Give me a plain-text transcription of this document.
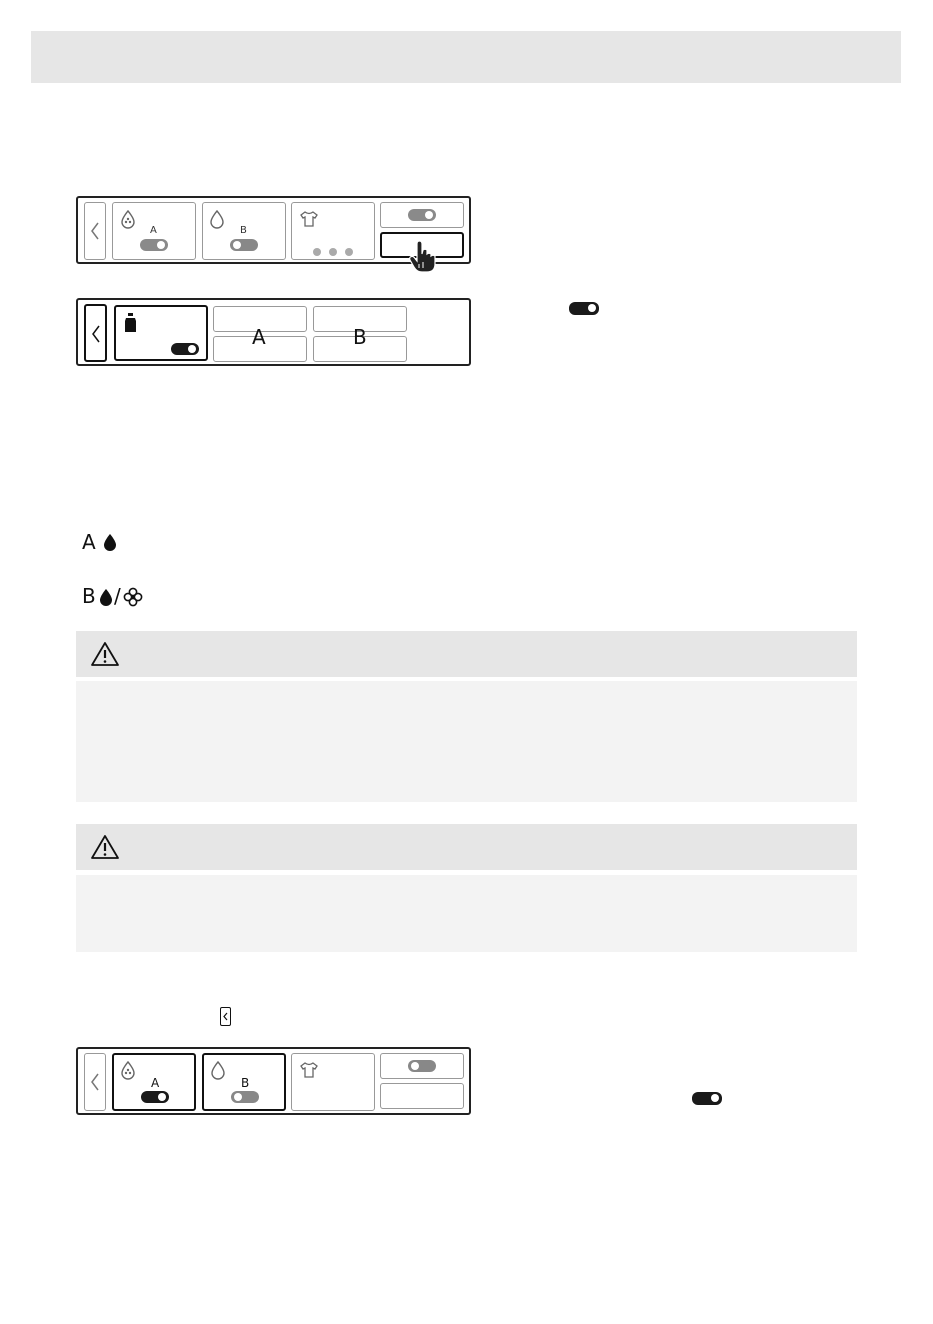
A	B
A	B
A
B /
A	B
